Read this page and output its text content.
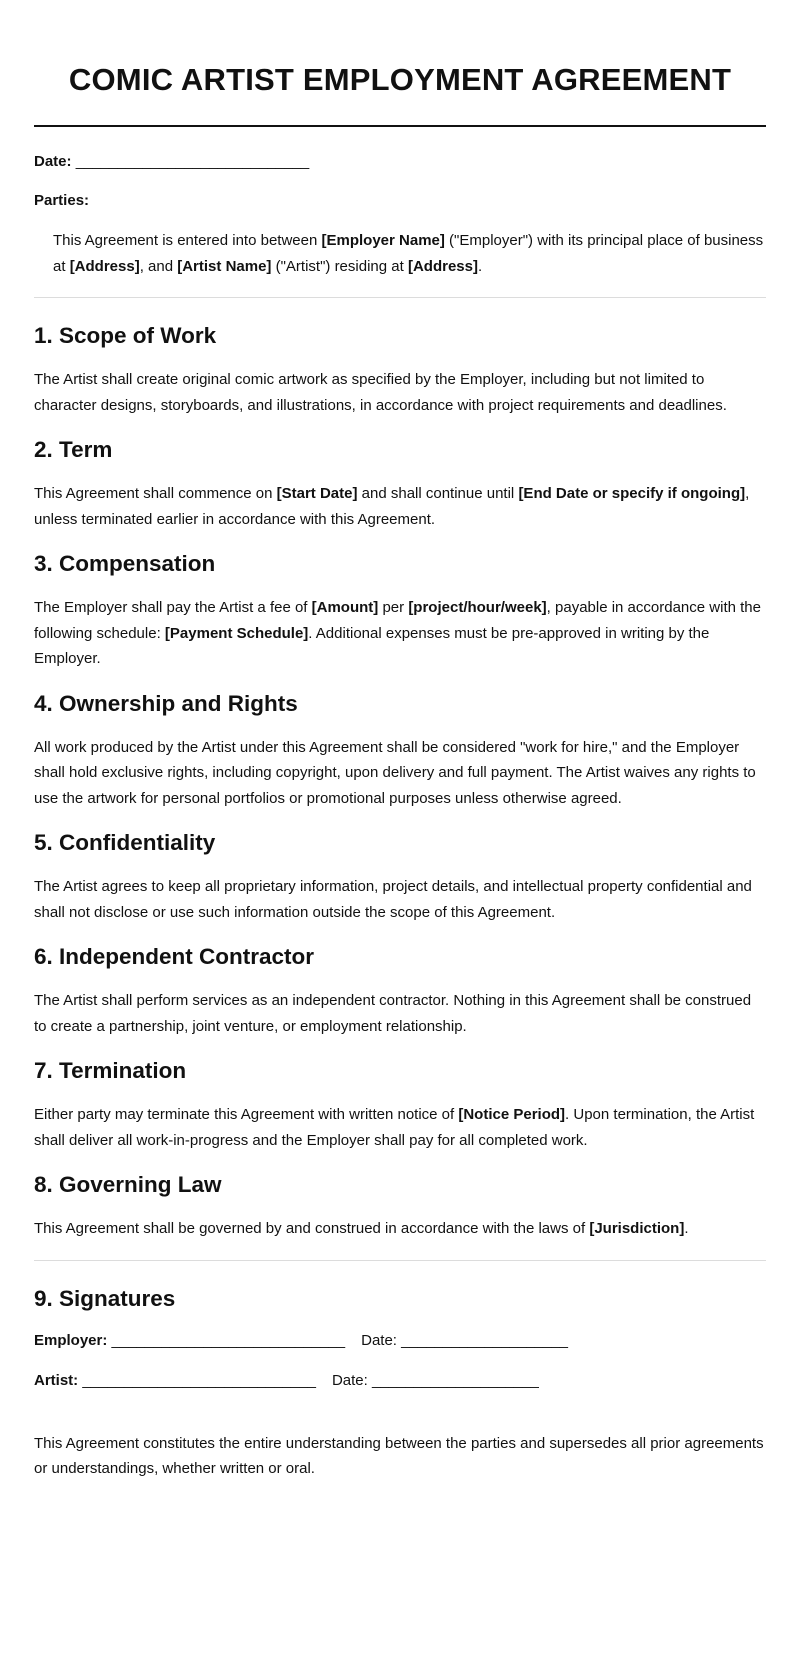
COMIC ARTIST EMPLOYMENT AGREEMENT
Date:
____________________________
Parties:

This Agreement is entered into between [Employer Name] ("Employer") with its principal place of business at [Address], and [Artist Name] ("Artist") residing at [Address].

1. Scope of Work

The Artist shall create original comic artwork as specified by the Employer, including but not limited to character designs, storyboards, and illustrations, in accordance with project requirements and deadlines.

2. Term

This Agreement shall commence on [Start Date] and shall continue until [End Date or specify if ongoing], unless terminated earlier in accordance with this Agreement.

3. Compensation

The Employer shall pay the Artist a fee of [Amount] per [project/hour/week], payable in accordance with the following schedule: [Payment Schedule]. Additional expenses must be pre-approved in writing by the Employer.

4. Ownership and Rights

All work produced by the Artist under this Agreement shall be considered "work for hire," and the Employer shall hold exclusive rights, including copyright, upon delivery and full payment. The Artist waives any rights to use the artwork for personal portfolios or promotional purposes unless otherwise agreed.

5. Confidentiality

The Artist agrees to keep all proprietary information, project details, and intellectual property confidential and shall not disclose or use such information outside the scope of this Agreement.

6. Independent Contractor

The Artist shall perform services as an independent contractor. Nothing in this Agreement shall be construed to create a partnership, joint venture, or employment relationship.

7. Termination

Either party may terminate this Agreement with written notice of [Notice Period]. Upon termination, the Artist shall deliver all work-in-progress and the Employer shall pay for all completed work.

8. Governing Law

This Agreement shall be governed by and construed in accordance with the laws of [Jurisdiction].

9. Signatures
Employer:
____________________________ Date:
____________________
Artist:
____________________________ Date:
____________________

This Agreement constitutes the entire understanding between the parties and supersedes all prior agreements or understandings, whether written or oral.
